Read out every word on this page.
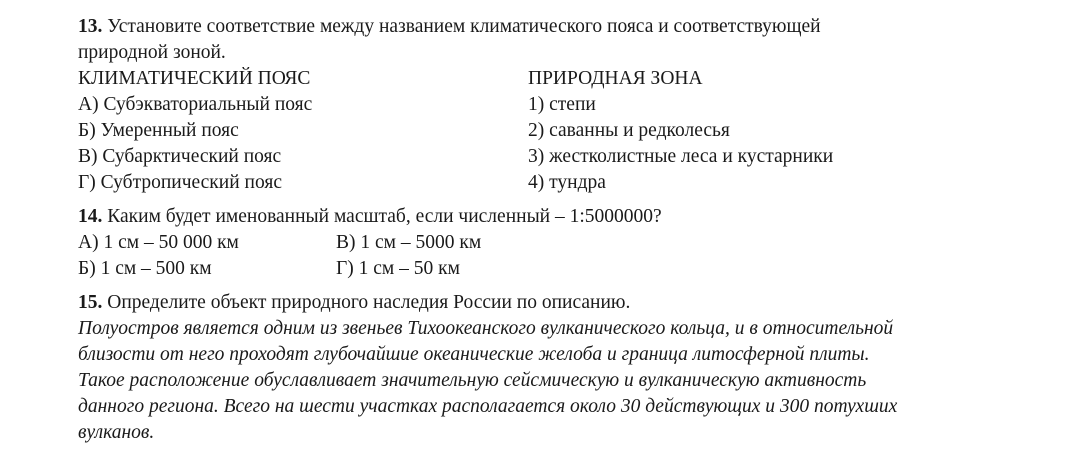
13. Установите соответствие между названием климатического пояса и соответствующей
природной зоной.
КЛИМАТИЧЕСКИЙ ПОЯС
А) Субэкваториальный пояс
Б) Умеренный пояс
В) Субарктический пояс
Г) Субтропический пояс
ПРИРОДНАЯ ЗОНА
1) степи
2) саванны и редколесья
3) жестколистные леса и кустарники
4) тундра
14. Каким будет именованный масштаб, если численный – 1:5000000?
А) 1 см – 50 000 км
Б) 1 см – 500 км
В) 1 см – 5000 км
Г) 1 см – 50 км
15. Определите объект природного наследия России по описанию.
Полуостров является одним из звеньев Тихоокеанского вулканического кольца, и в относительной
близости от него проходят глубочайшие океанические желоба и граница литосферной плиты.
Такое расположение обуславливает значительную сейсмическую и вулканическую активность
данного региона. Всего на шести участках располагается около 30 действующих и 300 потухших
вулканов.
